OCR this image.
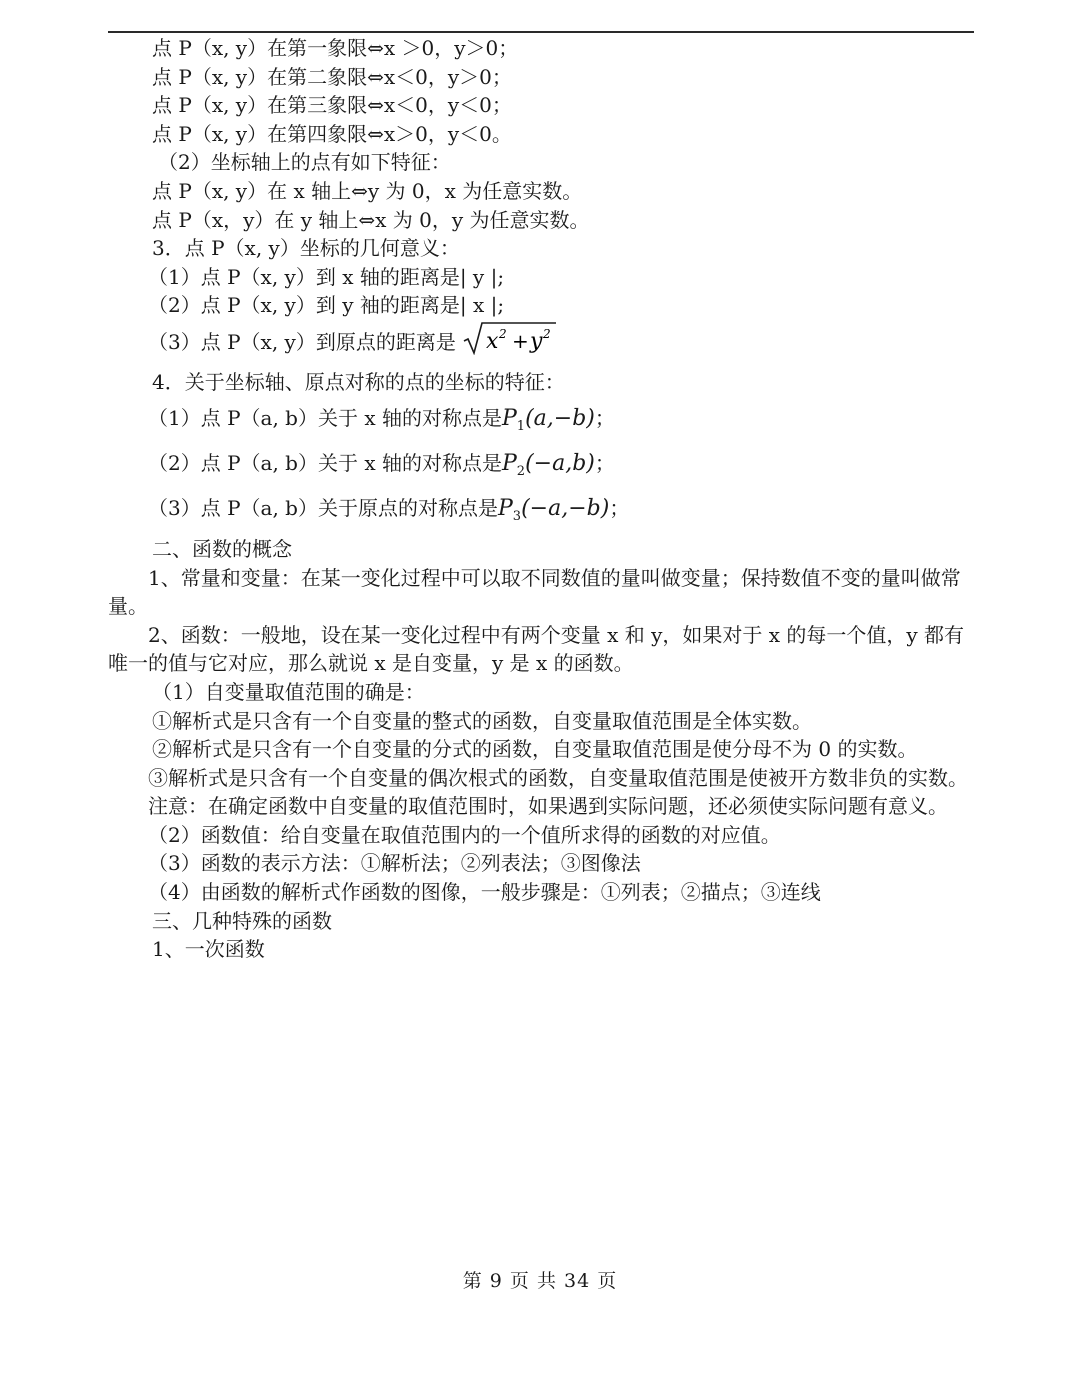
点 P（x, y）在第一象限⇔x ＞0，y＞0；
点 P（x, y）在第二象限⇔x＜0，y＞0；
点 P（x, y）在第三象限⇔x＜0，y＜0；
点 P（x, y）在第四象限⇔x＞0，y＜0。
（2）坐标轴上的点有如下特征：
点 P（x, y）在 x 轴上⇔y 为 0，x 为任意实数。
点 P（x，y）在 y 轴上⇔x 为 0，y 为任意实数。
3．点 P（x, y）坐标的几何意义：
（1）点 P（x, y）到 x 轴的距离是| y |;
（2）点 P（x, y）到 y 袖的距离是| x |;
（3）点 P（x, y）到原点的距离是 x 2 + y 2
4．关于坐标轴、原点对称的点的坐标的特征：
（1）点 P（a, b）关于 x 轴的对称点是$P_1(a,-b)$；
（2）点 P（a, b）关于 x 轴的对称点是$P_2(-a,b)$；
（3）点 P（a, b）关于原点的对称点是$P_3(-a,-b)$；
二、函数的概念
1、常量和变量：在某一变化过程中可以取不同数值的量叫做变量；保持数值不变的量叫做常量。
2、函数：一般地，设在某一变化过程中有两个变量 x 和 y，如果对于 x 的每一个值，y 都有唯一的值与它对应，那么就说 x 是自变量，y 是 x 的函数。
（1）自变量取值范围的确是：
①解析式是只含有一个自变量的整式的函数，自变量取值范围是全体实数。
②解析式是只含有一个自变量的分式的函数，自变量取值范围是使分母不为 0 的实数。
③解析式是只含有一个自变量的偶次根式的函数，自变量取值范围是使被开方数非负的实数。
注意：在确定函数中自变量的取值范围时，如果遇到实际问题，还必须使实际问题有意义。
（2）函数值：给自变量在取值范围内的一个值所求得的函数的对应值。
（3）函数的表示方法：①解析法；②列表法；③图像法
（4）由函数的解析式作函数的图像，一般步骤是：①列表；②描点；③连线
三、几种特殊的函数
1、一次函数
第 9 页 共 34 页
